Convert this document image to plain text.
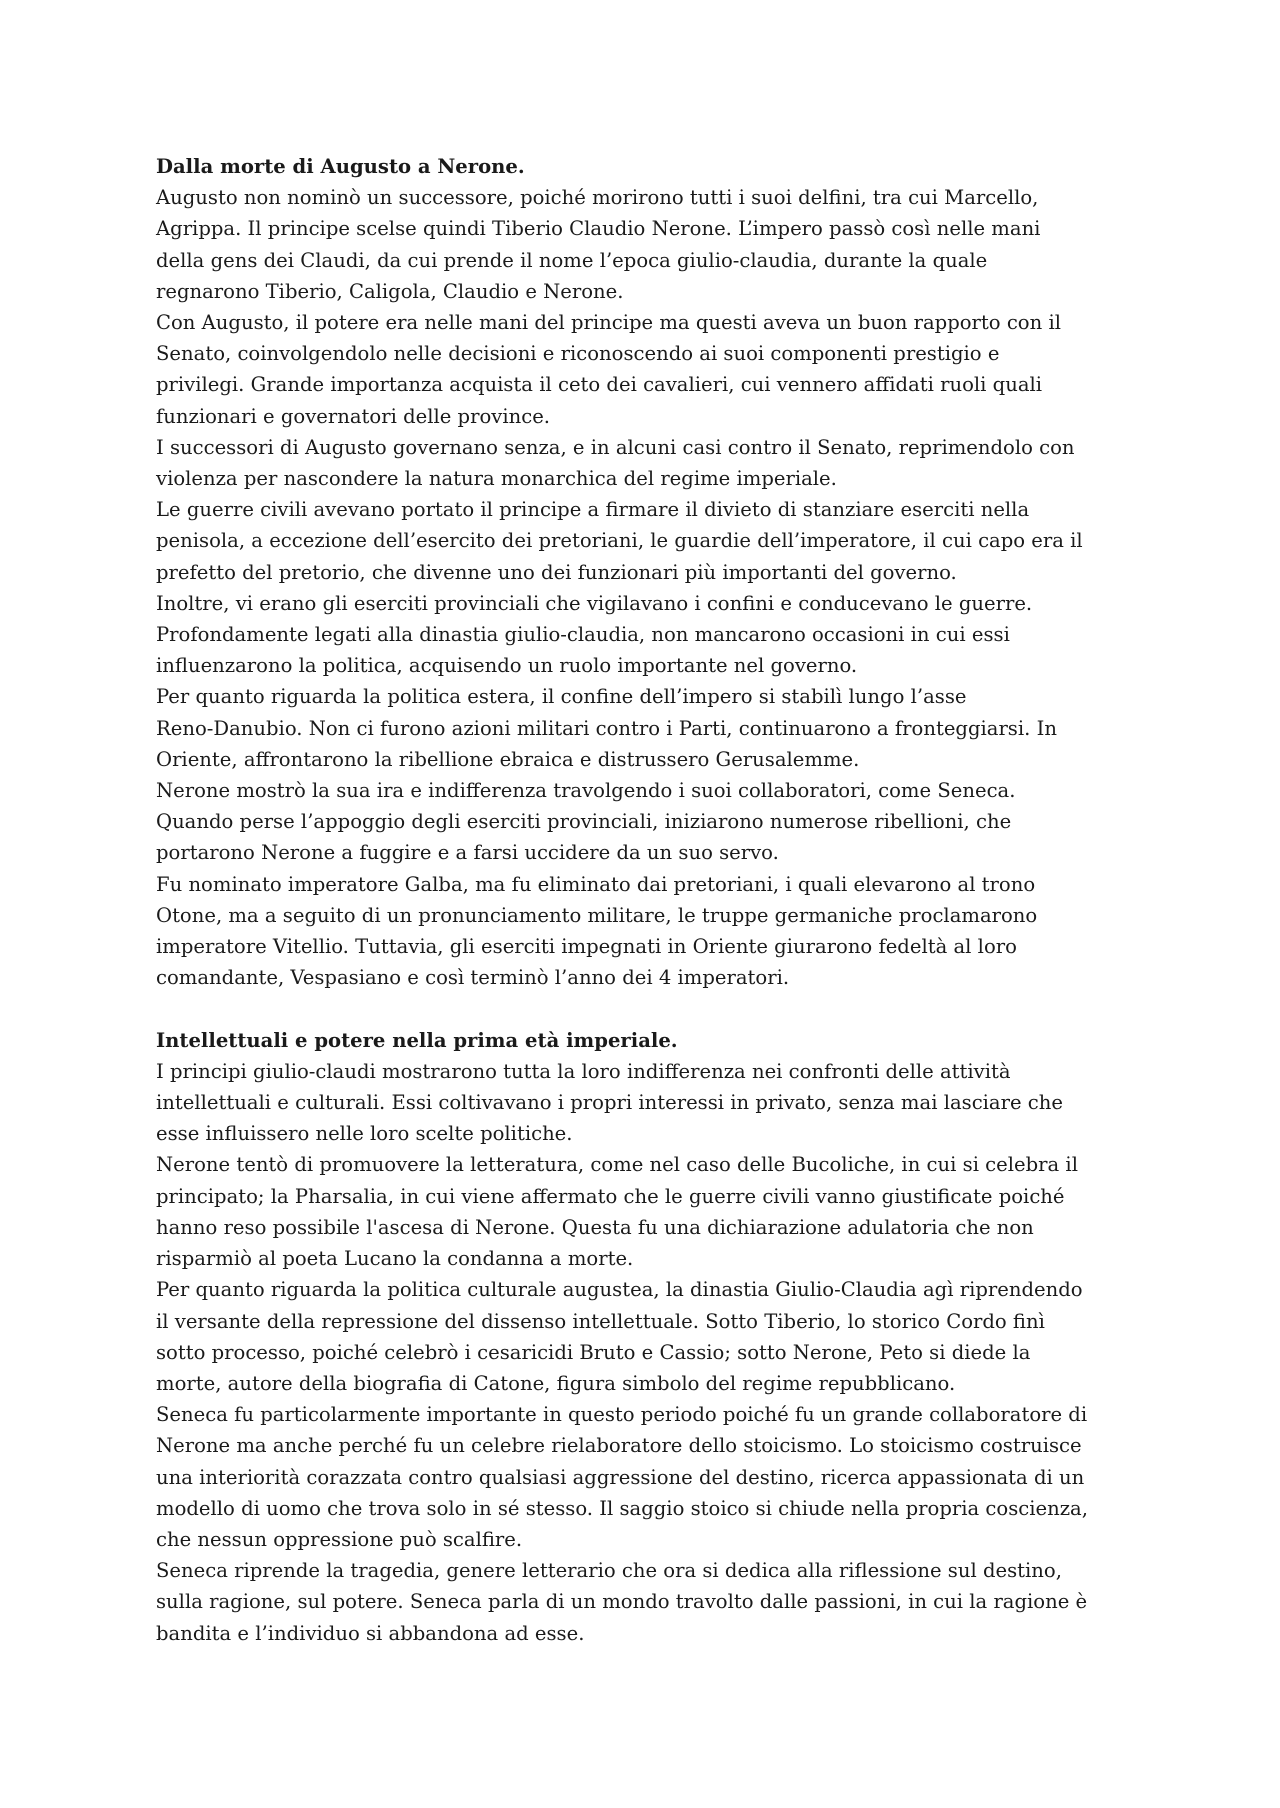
Dalla morte di Augusto a Nerone.

Augusto non nominò un successore, poiché morirono tutti i suoi delfini, tra cui Marcello,

Agrippa. Il principe scelse quindi Tiberio Claudio Nerone. L’impero passò così nelle mani

della gens dei Claudi, da cui prende il nome l’epoca giulio-claudia, durante la quale

regnarono Tiberio, Caligola, Claudio e Nerone.

Con Augusto, il potere era nelle mani del principe ma questi aveva un buon rapporto con il

Senato, coinvolgendolo nelle decisioni e riconoscendo ai suoi componenti prestigio e

privilegi. Grande importanza acquista il ceto dei cavalieri, cui vennero affidati ruoli quali

funzionari e governatori delle province.

I successori di Augusto governano senza, e in alcuni casi contro il Senato, reprimendolo con

violenza per nascondere la natura monarchica del regime imperiale.

Le guerre civili avevano portato il principe a firmare il divieto di stanziare eserciti nella

penisola, a eccezione dell’esercito dei pretoriani, le guardie dell’imperatore, il cui capo era il

prefetto del pretorio, che divenne uno dei funzionari più importanti del governo.

Inoltre, vi erano gli eserciti provinciali che vigilavano i confini e conducevano le guerre.

Profondamente legati alla dinastia giulio-claudia, non mancarono occasioni in cui essi

influenzarono la politica, acquisendo un ruolo importante nel governo.

Per quanto riguarda la politica estera, il confine dell’impero si stabilì lungo l’asse

Reno-Danubio. Non ci furono azioni militari contro i Parti, continuarono a fronteggiarsi. In

Oriente, affrontarono la ribellione ebraica e distrussero Gerusalemme.

Nerone mostrò la sua ira e indifferenza travolgendo i suoi collaboratori, come Seneca.

Quando perse l’appoggio degli eserciti provinciali, iniziarono numerose ribellioni, che

portarono Nerone a fuggire e a farsi uccidere da un suo servo.

Fu nominato imperatore Galba, ma fu eliminato dai pretoriani, i quali elevarono al trono

Otone, ma a seguito di un pronunciamento militare, le truppe germaniche proclamarono

imperatore Vitellio. Tuttavia, gli eserciti impegnati in Oriente giurarono fedeltà al loro

comandante, Vespasiano e così terminò l’anno dei 4 imperatori.

Intellettuali e potere nella prima età imperiale.

I principi giulio-claudi mostrarono tutta la loro indifferenza nei confronti delle attività

intellettuali e culturali. Essi coltivavano i propri interessi in privato, senza mai lasciare che

esse influissero nelle loro scelte politiche.

Nerone tentò di promuovere la letteratura, come nel caso delle Bucoliche, in cui si celebra il

principato; la Pharsalia, in cui viene affermato che le guerre civili vanno giustificate poiché

hanno reso possibile l'ascesa di Nerone. Questa fu una dichiarazione adulatoria che non

risparmiò al poeta Lucano la condanna a morte.

Per quanto riguarda la politica culturale augustea, la dinastia Giulio-Claudia agì riprendendo

il versante della repressione del dissenso intellettuale. Sotto Tiberio, lo storico Cordo finì

sotto processo, poiché celebrò i cesaricidi Bruto e Cassio; sotto Nerone, Peto si diede la

morte, autore della biografia di Catone, figura simbolo del regime repubblicano.

Seneca fu particolarmente importante in questo periodo poiché fu un grande collaboratore di

Nerone ma anche perché fu un celebre rielaboratore dello stoicismo. Lo stoicismo costruisce

una interiorità corazzata contro qualsiasi aggressione del destino, ricerca appassionata di un

modello di uomo che trova solo in sé stesso. Il saggio stoico si chiude nella propria coscienza,

che nessun oppressione può scalfire.

Seneca riprende la tragedia, genere letterario che ora si dedica alla riflessione sul destino,

sulla ragione, sul potere. Seneca parla di un mondo travolto dalle passioni, in cui la ragione è

bandita e l’individuo si abbandona ad esse.
